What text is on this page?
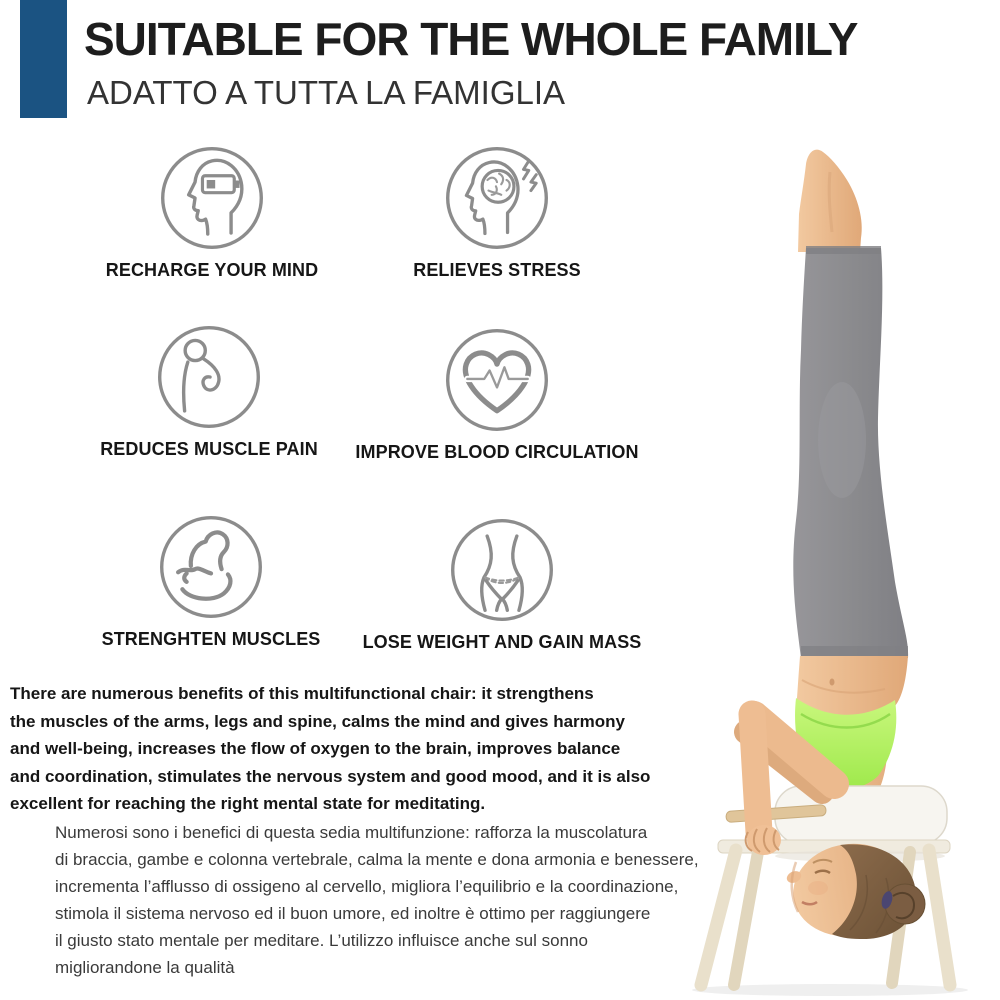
SUITABLE FOR THE WHOLE FAMILY
ADATTO A TUTTA LA FAMIGLIA
RECHARGE YOUR MIND	RELIEVES STRESS
REDUCES MUSCLE PAIN	IMPROVE BLOOD CIRCULATION
STRENGHTEN MUSCLES	LOSE WEIGHT AND GAIN MASS
There are numerous benefits of this multifunctional chair: it strengthens
the muscles of the arms, legs and spine, calms the mind and gives harmony
and well-being, increases the flow of oxygen to the brain, improves balance
and coordination, stimulates the nervous system and good mood, and it is also
excellent for reaching the right mental state for meditating.
Numerosi sono i benefici di questa sedia multifunzione: rafforza la muscolatura
di braccia, gambe e colonna vertebrale, calma la mente e dona armonia e benessere,
incrementa l’afflusso di ossigeno al cervello, migliora l’equilibrio e la coordinazione,
stimola il sistema nervoso ed il buon umore, ed inoltre è ottimo per raggiungere
il giusto stato mentale per meditare. L’utilizzo influisce anche sul sonno
migliorandone la qualità
